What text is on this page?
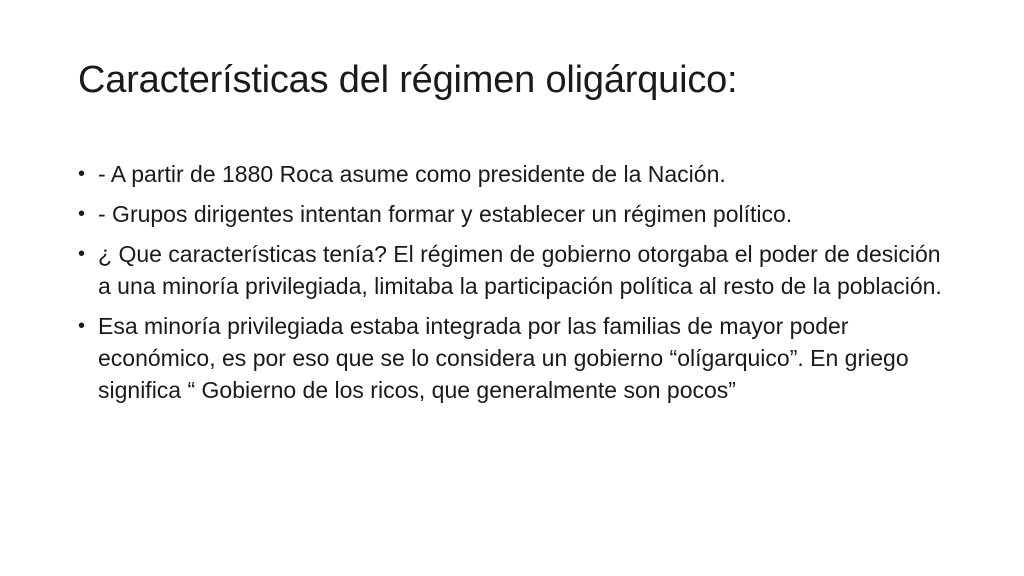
Características del régimen oligárquico:
• - A partir de 1880 Roca asume como presidente de la Nación.
• - Grupos dirigentes intentan formar y establecer un régimen político.
• ¿ Que características tenía? El régimen de gobierno otorgaba el poder de desición a una minoría privilegiada, limitaba la participación política al resto de la población.
• Esa minoría privilegiada estaba integrada por las familias de mayor poder económico, es por eso que se lo considera un gobierno “olígarquico”. En griego significa “ Gobierno de los ricos, que generalmente son pocos”
